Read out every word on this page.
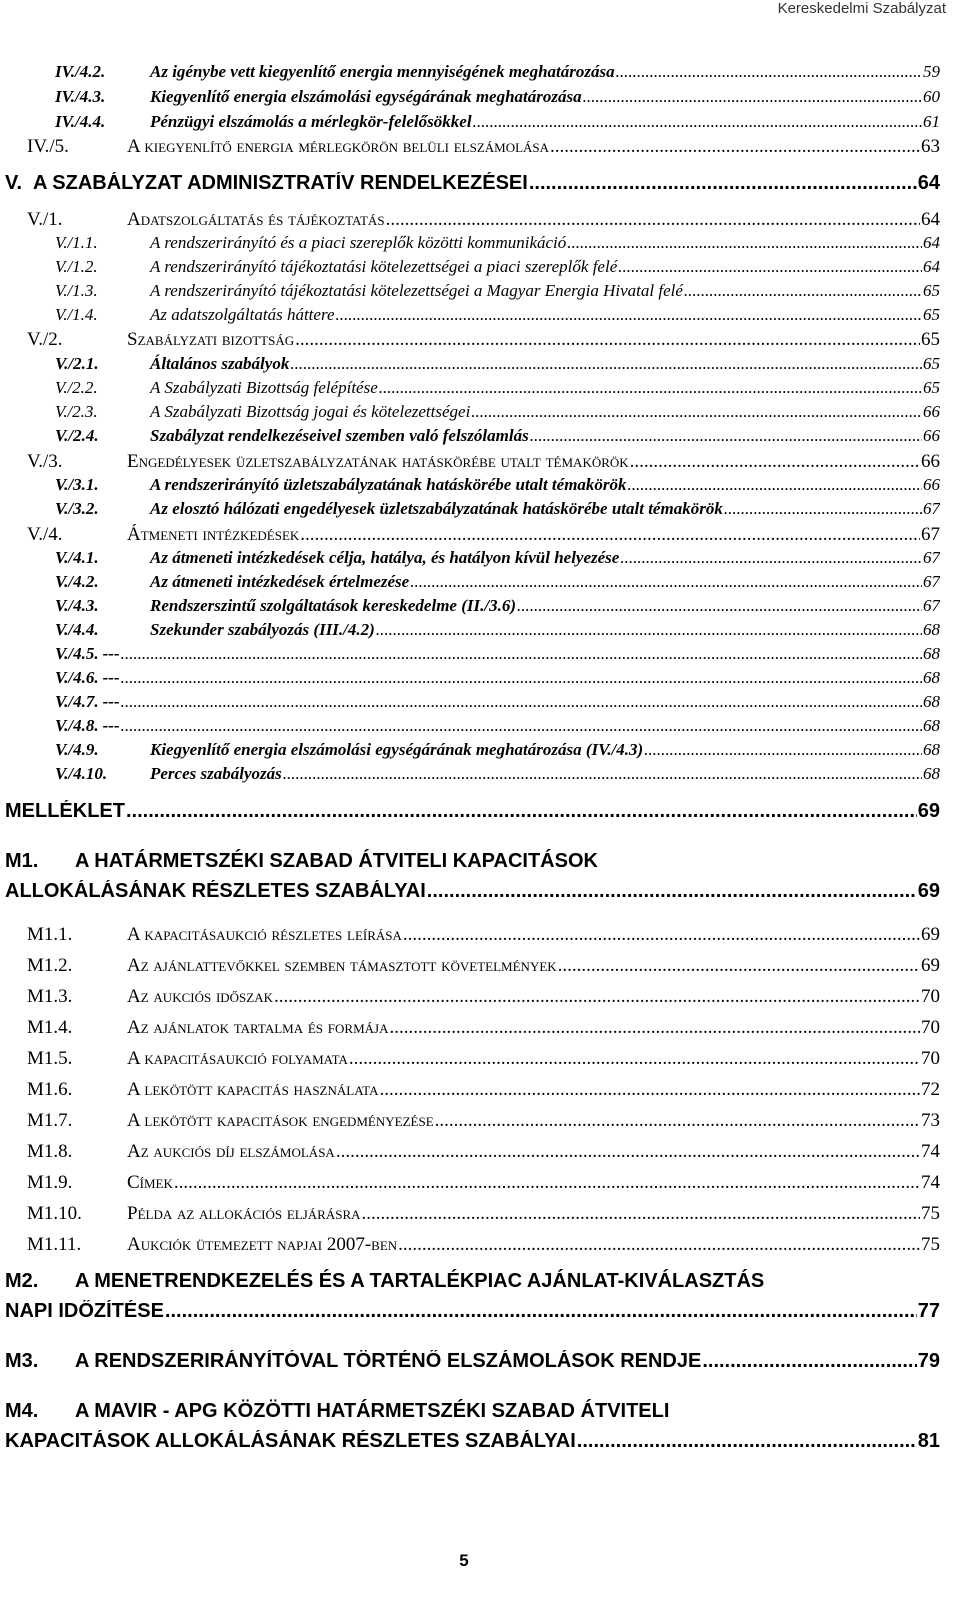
Kereskedelmi Szabályzat
IV./4.2.	Az igénybe vett kiegyenlítő energia mennyiségének meghatározása .....	59
IV./4.3.	Kiegyenlítő energia elszámolási egységárának meghatározása .....	60
IV./4.4.	Pénzügyi elszámolás a mérlegkör-felelősökkel .....	61
IV./5.	A kiegyenlítő energia mérlegkörön belüli elszámolása .....	63
V. A SZABÁLYZAT ADMINISZTRATÍV RENDELKEZÉSEI .....	64
V./1.	Adatszolgáltatás és tájékoztatás .....	64
V./1.1.	A rendszerirányító és a piaci szereplők közötti kommunikáció .....	64
V./1.2.	A rendszerirányító tájékoztatási kötelezettségei a piaci szereplők felé .....	64
V./1.3.	A rendszerirányító tájékoztatási kötelezettségei a Magyar Energia Hivatal felé .....	65
V./1.4.	Az adatszolgáltatás háttere .....	65
V./2.	Szabályzati bizottság .....	65
V./2.1.	Általános szabályok .....	65
V./2.2.	A Szabályzati Bizottság felépítése .....	65
V./2.3.	A Szabályzati Bizottság jogai és kötelezettségei .....	66
V./2.4.	Szabályzat rendelkezéseivel szemben való felszólamlás .....	66
V./3.	Engedélyesek üzletszabályzatának hatáskörébe utalt témakörök .....	66
V./3.1.	A rendszerirányító üzletszabályzatának hatáskörébe utalt témakörök .....	66
V./3.2.	Az elosztó hálózati engedélyesek üzletszabályzatának hatáskörébe utalt témakörök .....	67
V./4.	Átmeneti intézkedések .....	67
V./4.1.	Az átmeneti intézkedések célja, hatálya, és hatályon kívül helyezése .....	67
V./4.2.	Az átmeneti intézkedések értelmezése .....	67
V./4.3.	Rendszerszintű szolgáltatások kereskedelme (II./3.6) .....	67
V./4.4.	Szekunder szabályozás (III./4.2) .....	68
V./4.5. --- .....	68
V./4.6. --- .....	68
V./4.7. --- .....	68
V./4.8. --- .....	68
V./4.9.	Kiegyenlítő energia elszámolási egységárának meghatározása (IV./4.3) .....	68
V./4.10.	Perces szabályozás .....	68
MELLÉKLET .....	69
M1. A HATÁRMETSZÉKI SZABAD ÁTVITELI KAPACITÁSOK
ALLOKÁLÁSÁNAK RÉSZLETES SZABÁLYAI .....	69
M1.1.	A kapacitásaukció részletes leírása .....	69
M1.2.	Az ajánlattevőkkel szemben támasztott követelmények .....	69
M1.3.	Az aukciós időszak .....	70
M1.4.	Az ajánlatok tartalma és formája .....	70
M1.5.	A kapacitásaukció folyamata .....	70
M1.6.	A lekötött kapacitás használata .....	72
M1.7.	A lekötött kapacitások engedményezése .....	73
M1.8.	Az aukciós díj elszámolása .....	74
M1.9.	Címek .....	74
M1.10.	Példa az allokációs eljárásra .....	75
M1.11.	Aukciók ütemezett napjai 2007-ben .....	75
M2. A MENETRENDKEZELÉS ÉS A TARTALÉKPIAC AJÁNLAT-KIVÁLASZTÁS
NAPI IDŐZÍTÉSE .....	77
M3.	A RENDSZERIRÁNYÍTÓVAL TÖRTÉNŐ ELSZÁMOLÁSOK RENDJE .....	79
M4. A MAVIR - APG KÖZÖTTI HATÁRMETSZÉKI SZABAD ÁTVITELI
KAPACITÁSOK ALLOKÁLÁSÁNAK RÉSZLETES SZABÁLYAI .....	81
5
